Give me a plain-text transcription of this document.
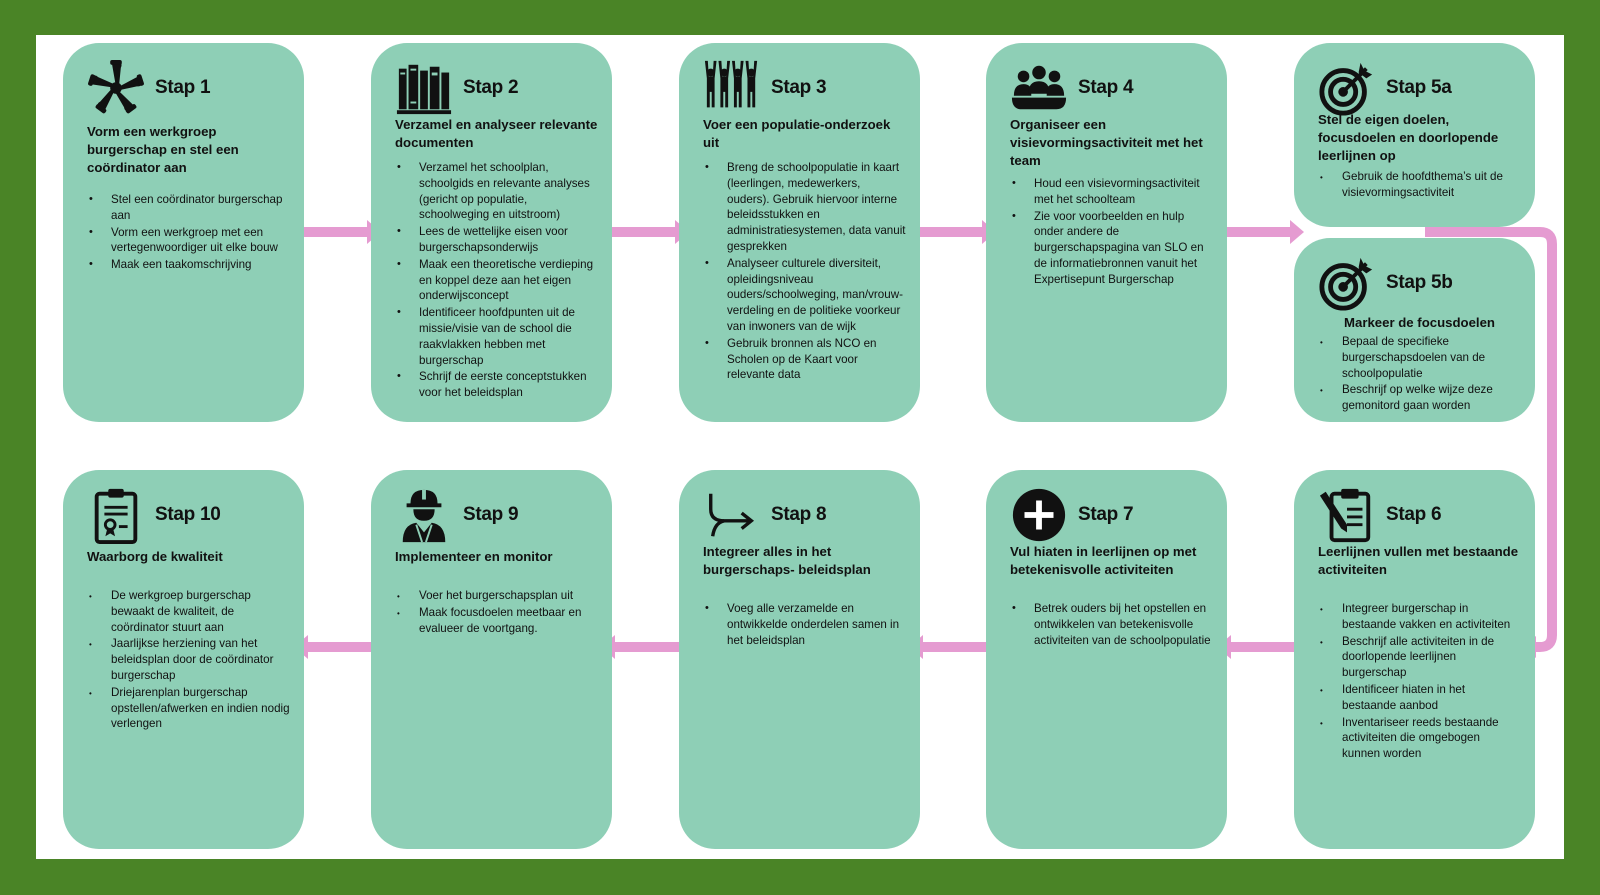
Stap 1
Vorm een werkgroep burgerschap en stel een coördinator aan
• Stel een coördinator burgerschap aan
• Vorm een werkgroep met een vertegenwoordiger uit elke bouw
• Maak een taakomschrijving
Stap 2
Verzamel en analyseer relevante documenten
• Verzamel het schoolplan, schoolgids en relevante analyses (gericht op populatie, schoolweging en uitstroom)
• Lees de wettelijke eisen voor burgerschapsonderwijs
• Maak een theoretische verdieping en koppel deze aan het eigen onderwijsconcept
• Identificeer hoofdpunten uit de missie/visie van de school die raakvlakken hebben met burgerschap
• Schrijf de eerste conceptstukken voor het beleidsplan
Stap 3
Voer een populatie-onderzoek uit
• Breng de schoolpopulatie in kaart (leerlingen, medewerkers, ouders). Gebruik hiervoor interne beleidsstukken en administratiesystemen, data vanuit gesprekken
• Analyseer culturele diversiteit, opleidingsniveau ouders/schoolweging, man/vrouw-verdeling en de politieke voorkeur van inwoners van de wijk
• Gebruik bronnen als NCO en Scholen op de Kaart voor relevante data
Stap 4
Organiseer een visievormingsactiviteit met het team
• Houd een visievormingsactiviteit met het schoolteam
• Zie voor voorbeelden en hulp onder andere de burgerschapspagina van SLO en de informatiebronnen vanuit het Expertisepunt Burgerschap
Stap 5a
Stel de eigen doelen, focusdoelen en doorlopende leerlijnen op
• Gebruik de hoofdthema’s uit de visievormingsactiviteit
Stap 5b
Markeer de focusdoelen
• Bepaal de specifieke burgerschapsdoelen van de schoolpopulatie
• Beschrijf op welke wijze deze gemonitord gaan worden
Stap 6
Leerlijnen vullen met bestaande activiteiten
• Integreer burgerschap in bestaande vakken en activiteiten
• Beschrijf alle activiteiten in de doorlopende leerlijnen burgerschap
• Identificeer hiaten in het bestaande aanbod
• Inventariseer reeds bestaande activiteiten die omgebogen kunnen worden
Stap 7
Vul hiaten in leerlijnen op met betekenisvolle activiteiten
• Betrek ouders bij het opstellen en ontwikkelen van betekenisvolle activiteiten van de schoolpopulatie
Stap 8
Integreer alles in het burgerschaps- beleidsplan
• Voeg alle verzamelde en ontwikkelde onderdelen samen in het beleidsplan
Stap 9
Implementeer en monitor
• Voer het burgerschapsplan uit
• Maak focusdoelen meetbaar en evalueer de voortgang.
Stap 10
Waarborg de kwaliteit
• De werkgroep burgerschap bewaakt de kwaliteit, de coördinator stuurt aan
• Jaarlijkse herziening van het beleidsplan door de coördinator burgerschap
• Driejarenplan burgerschap opstellen/afwerken en indien nodig verlengen
